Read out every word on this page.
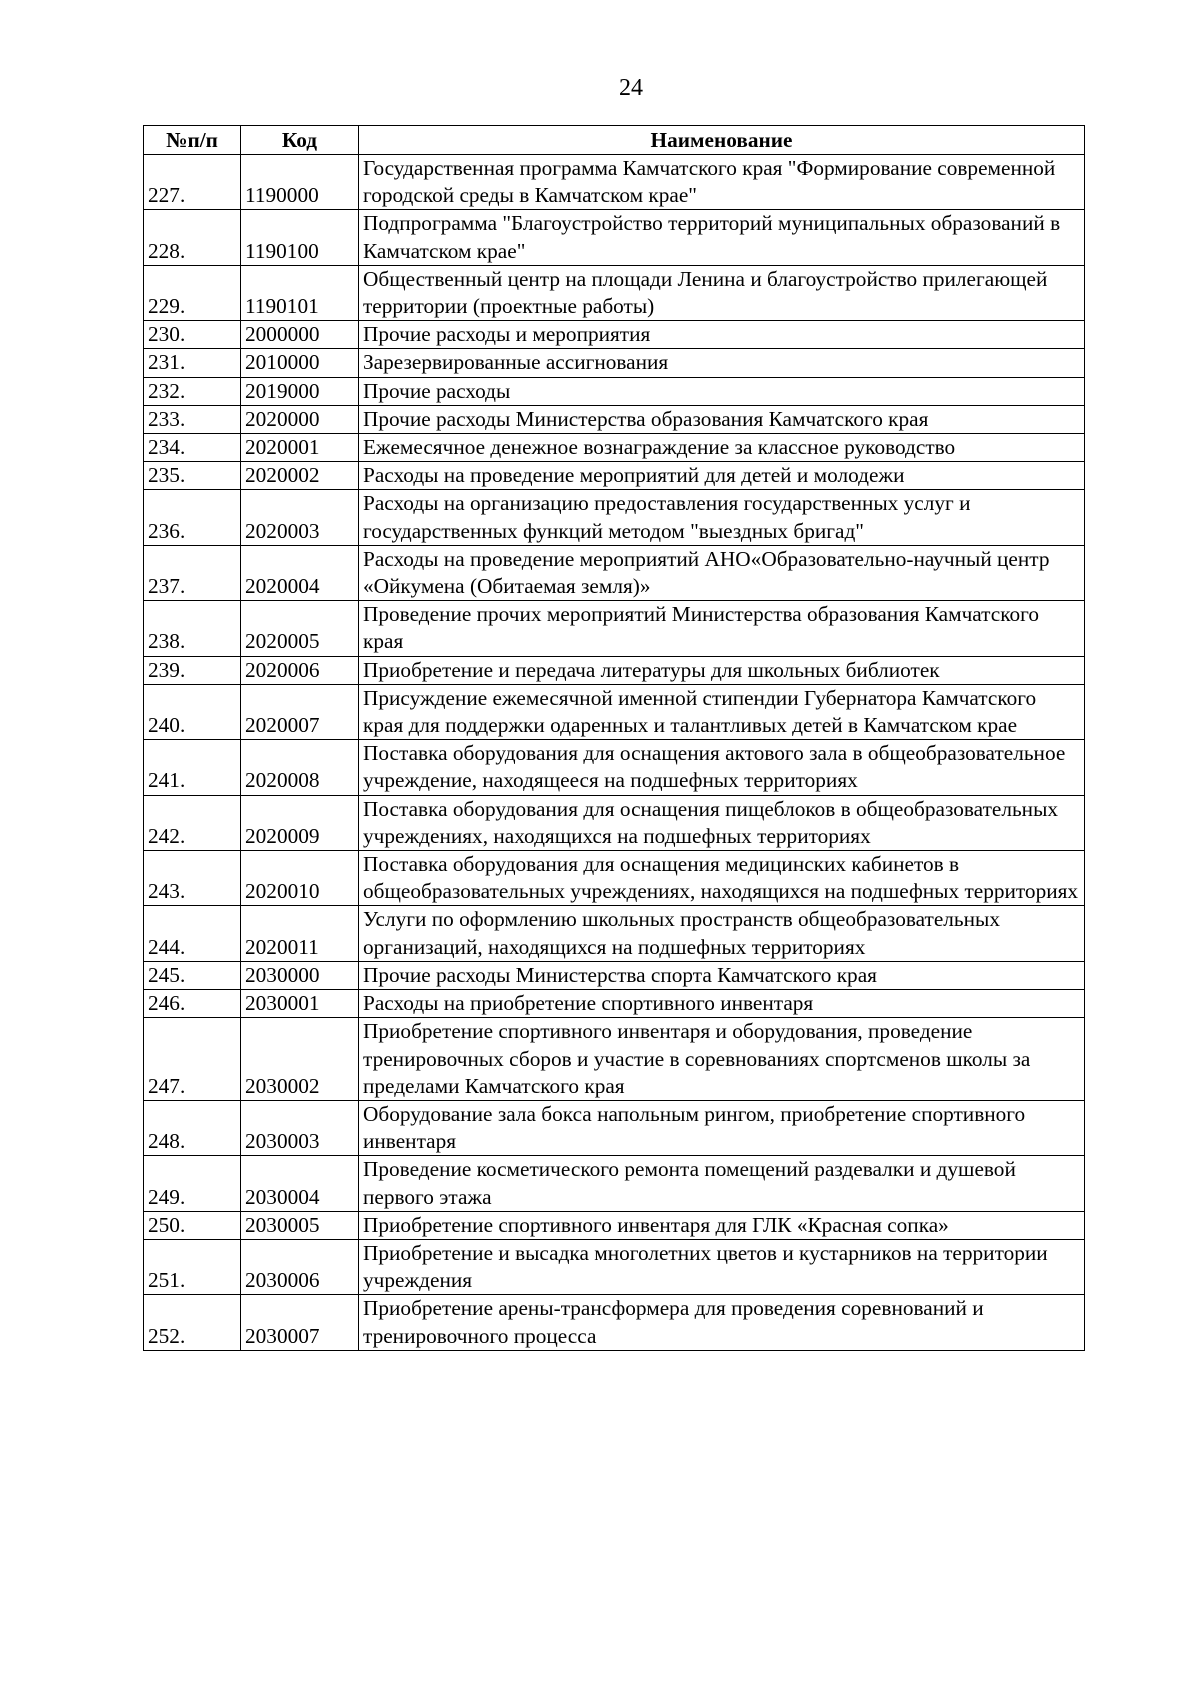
24
№п/п	Код	Наименование
227.	1190000	Государственная программа Камчатского края "Формирование современной городской среды в Камчатском крае"
228.	1190100	Подпрограмма "Благоустройство территорий муниципальных образований в Камчатском крае"
229.	1190101	Общественный центр на площади Ленина и благоустройство прилегающей территории (проектные работы)
230.	2000000	Прочие расходы и мероприятия
231.	2010000	Зарезервированные ассигнования
232.	2019000	Прочие расходы
233.	2020000	Прочие расходы Министерства образования Камчатского края
234.	2020001	Ежемесячное денежное вознаграждение за классное руководство
235.	2020002	Расходы на проведение мероприятий для детей и молодежи
236.	2020003	Расходы на организацию предоставления государственных услуг и государственных функций методом "выездных бригад"
237.	2020004	Расходы на проведение мероприятий АНО«Образовательно-научный центр «Ойкумена (Обитаемая земля)»
238.	2020005	Проведение прочих мероприятий Министерства образования Камчатского края
239.	2020006	Приобретение и передача литературы для школьных библиотек
240.	2020007	Присуждение ежемесячной именной стипендии Губернатора Камчатского края для поддержки одаренных и талантливых детей в Камчатском крае
241.	2020008	Поставка оборудования для оснащения актового зала в общеобразовательное учреждение, находящееся на подшефных территориях
242.	2020009	Поставка оборудования для оснащения пищеблоков в общеобразовательных учреждениях, находящихся на подшефных территориях
243.	2020010	Поставка оборудования для оснащения медицинских кабинетов в общеобразовательных учреждениях, находящихся на подшефных территориях
244.	2020011	Услуги по оформлению школьных пространств общеобразовательных организаций, находящихся на подшефных территориях
245.	2030000	Прочие расходы Министерства спорта Камчатского края
246.	2030001	Расходы на приобретение спортивного инвентаря
247.	2030002	Приобретение спортивного инвентаря и оборудования, проведение тренировочных сборов и участие в соревнованиях спортсменов школы за пределами Камчатского края
248.	2030003	Оборудование зала бокса напольным рингом, приобретение спортивного инвентаря
249.	2030004	Проведение косметического ремонта помещений раздевалки и душевой первого этажа
250.	2030005	Приобретение спортивного инвентаря для ГЛК «Красная сопка»
251.	2030006	Приобретение и высадка многолетних цветов и кустарников на территории учреждения
252.	2030007	Приобретение арены-трансформера для проведения соревнований и тренировочного процесса
